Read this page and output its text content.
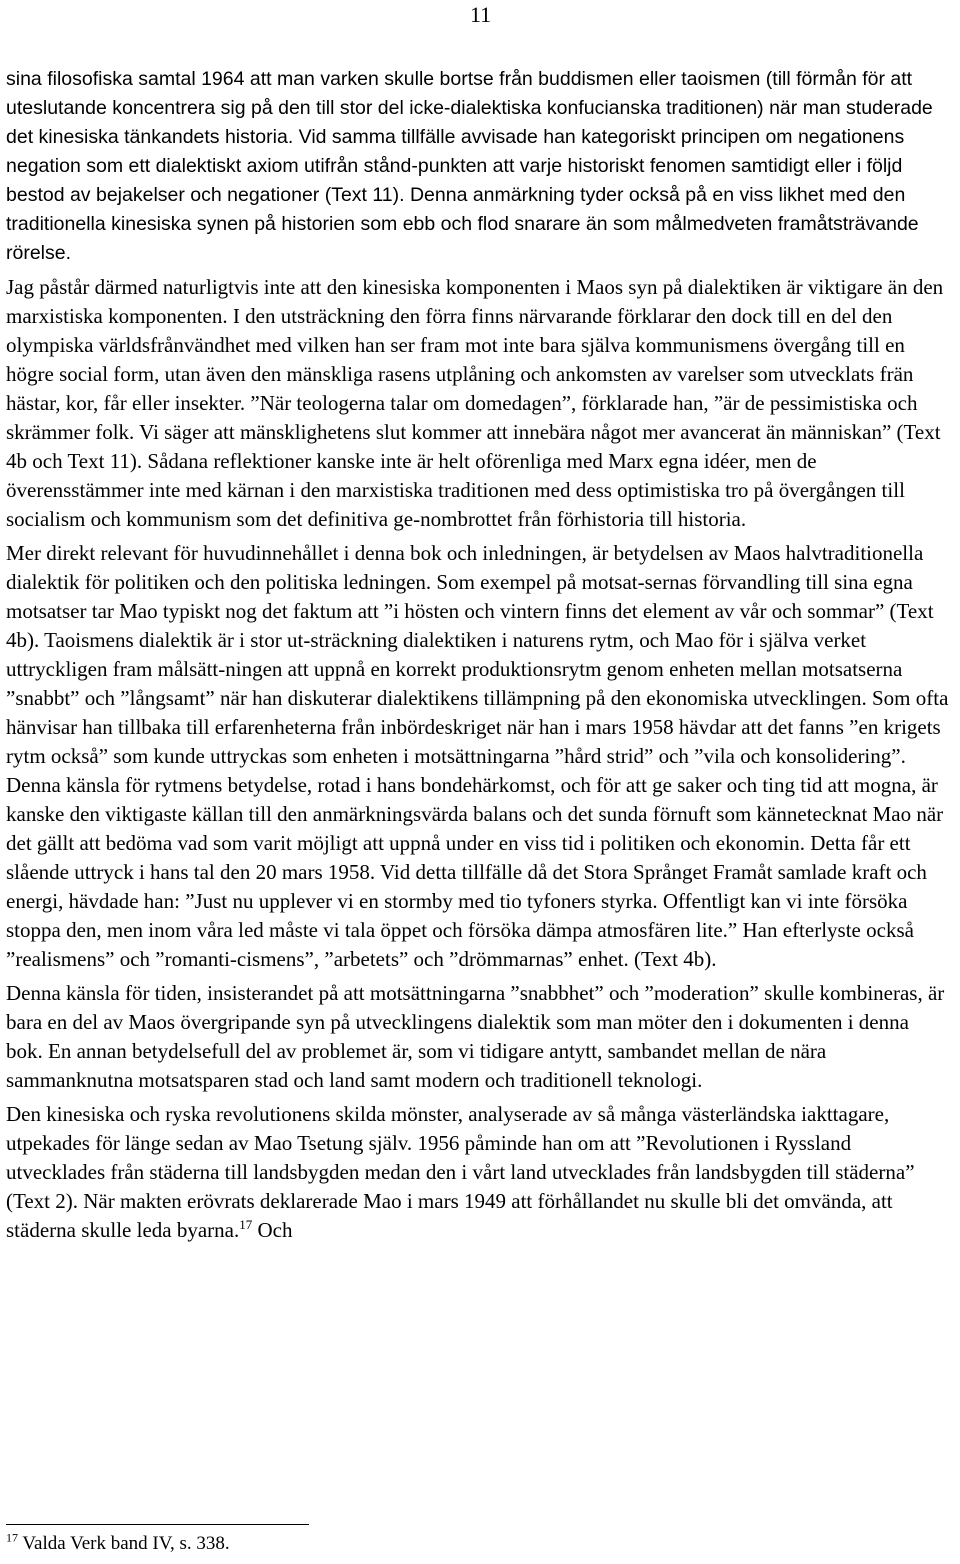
11

sina filosofiska samtal 1964 att man varken skulle bortse från buddismen eller taoismen (till förmån för att uteslutande koncentrera sig på den till stor del icke-dialektiska konfucianska traditionen) när man studerade det kinesiska tänkandets historia. Vid samma tillfälle avvisade han kategoriskt principen om negationens negation som ett dialektiskt axiom utifrån stånd-punkten att varje historiskt fenomen samtidigt eller i följd bestod av bejakelser och negationer (Text 11). Denna anmärkning tyder också på en viss likhet med den traditionella kinesiska synen på historien som ebb och flod snarare än som målmedveten framåtsträvande rörelse.

Jag påstår därmed naturligtvis inte att den kinesiska komponenten i Maos syn på dialektiken är viktigare än den marxistiska komponenten. I den utsträckning den förra finns närvarande förklarar den dock till en del den olympiska världsfrånvändhet med vilken han ser fram mot inte bara själva kommunismens övergång till en högre social form, utan även den mänskliga rasens utplåning och ankomsten av varelser som utvecklats frän hästar, kor, får eller insekter. ”När teologerna talar om domedagen”, förklarade han, ”är de pessimistiska och skrämmer folk. Vi säger att mänsklighetens slut kommer att innebära något mer avancerat än människan” (Text 4b och Text 11). Sådana reflektioner kanske inte är helt oförenliga med Marx egna idéer, men de överensstämmer inte med kärnan i den marxistiska traditionen med dess optimistiska tro på övergången till socialism och kommunism som det definitiva ge-nombrottet från förhistoria till historia.

Mer direkt relevant för huvudinnehållet i denna bok och inledningen, är betydelsen av Maos halvtraditionella dialektik för politiken och den politiska ledningen. Som exempel på motsat-sernas förvandling till sina egna motsatser tar Mao typiskt nog det faktum att ”i hösten och vintern finns det element av vår och sommar” (Text 4b). Taoismens dialektik är i stor ut-sträckning dialektiken i naturens rytm, och Mao för i själva verket uttryckligen fram målsätt-ningen att uppnå en korrekt produktionsrytm genom enheten mellan motsatserna ”snabbt” och ”långsamt” när han diskuterar dialektikens tillämpning på den ekonomiska utvecklingen. Som ofta hänvisar han tillbaka till erfarenheterna från inbördeskriget när han i mars 1958 hävdar att det fanns ”en krigets rytm också” som kunde uttryckas som enheten i motsättningarna ”hård strid” och ”vila och konsolidering”. Denna känsla för rytmens betydelse, rotad i hans bondehärkomst, och för att ge saker och ting tid att mogna, är kanske den viktigaste källan till den anmärkningsvärda balans och det sunda förnuft som kännetecknat Mao när det gällt att bedöma vad som varit möjligt att uppnå under en viss tid i politiken och ekonomin. Detta får ett slående uttryck i hans tal den 20 mars 1958. Vid detta tillfälle då det Stora Språnget Framåt samlade kraft och energi, hävdade han: ”Just nu upplever vi en stormby med tio tyfoners styrka. Offentligt kan vi inte försöka stoppa den, men inom våra led måste vi tala öppet och försöka dämpa atmosfären lite.” Han efterlyste också ”realismens” och ”romanti-cismens”, ”arbetets” och ”drömmarnas” enhet. (Text 4b).

Denna känsla för tiden, insisterandet på att motsättningarna ”snabbhet” och ”moderation” skulle kombineras, är bara en del av Maos övergripande syn på utvecklingens dialektik som man möter den i dokumenten i denna bok. En annan betydelsefull del av problemet är, som vi tidigare antytt, sambandet mellan de nära sammanknutna motsatsparen stad och land samt modern och traditionell teknologi.

Den kinesiska och ryska revolutionens skilda mönster, analyserade av så många västerländska iakttagare, utpekades för länge sedan av Mao Tsetung själv. 1956 påminde han om att ”Revolutionen i Ryssland utvecklades från städerna till landsbygden medan den i vårt land utvecklades från landsbygden till städerna” (Text 2). När makten erövrats deklarerade Mao i mars 1949 att förhållandet nu skulle bli det omvända, att städerna skulle leda byarna.$^{17}$ Och

$^{17}$ Valda Verk band IV, s. 338.
